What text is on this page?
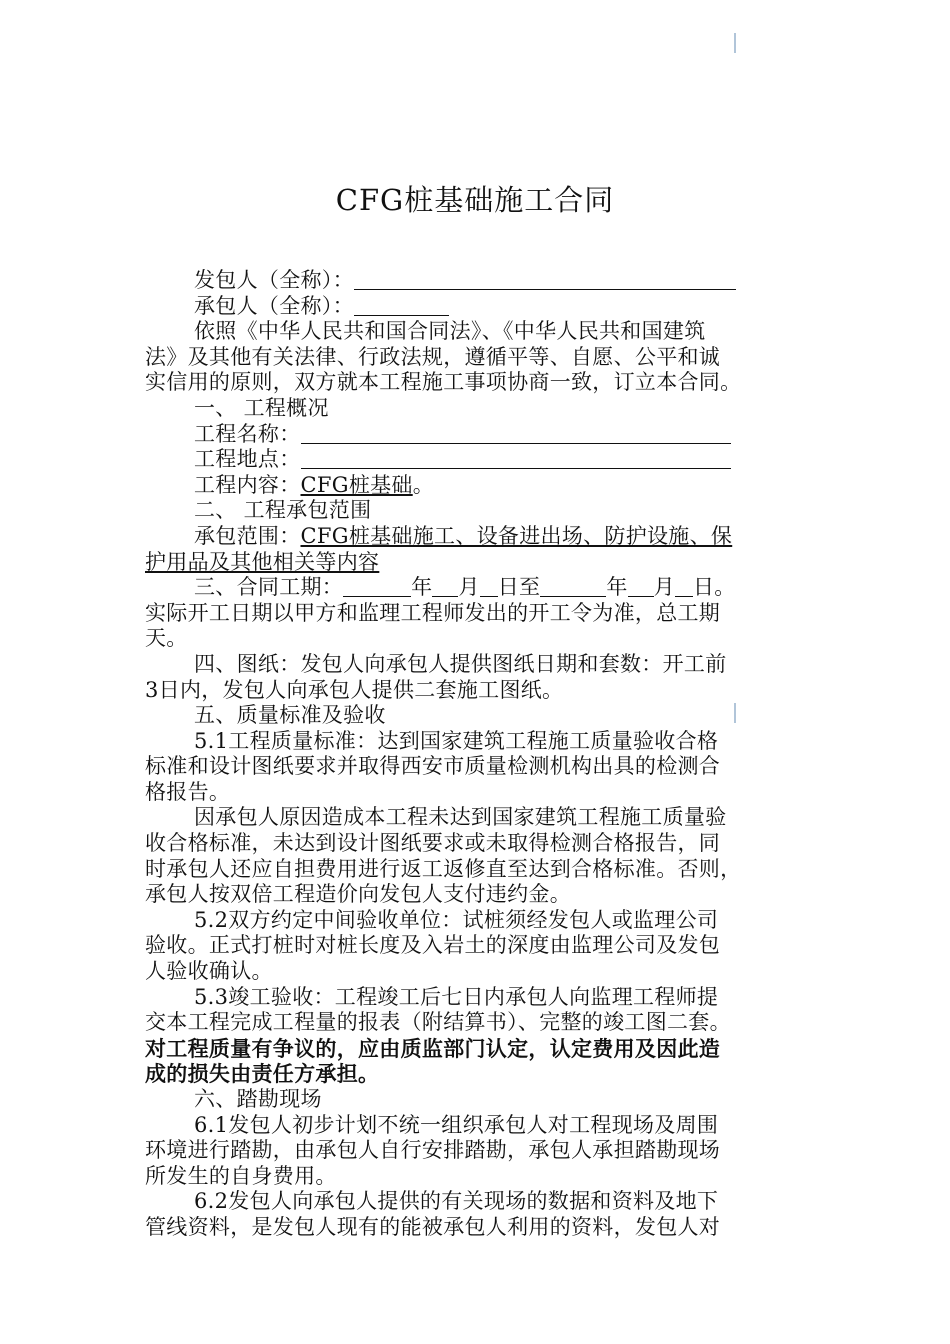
CFG桩基础施工合同

发包人（全称）：

承包人（全称）：

依照《中华人民共和国合同法》、《中华人民共和国建筑

法》及其他有关法律、行政法规，遵循平等、自愿、公平和诚

实信用的原则，双方就本工程施工事项协商一致，订立本合同。

一、 工程概况

工程名称：

工程地点：

工程内容：CFG桩基础。

二、 工程承包范围

承包范围：CFG桩基础施工、设备进出场、防护设施、保

护用品及其他相关等内容

三、合同工期：	年 月 日至	年 月 日。

实际开工日期以甲方和监理工程师发出的开工令为准，总工期

天。

四、图纸：发包人向承包人提供图纸日期和套数：开工前

3日内，发包人向承包人提供二套施工图纸。

五、质量标准及验收

5.1工程质量标准：达到国家建筑工程施工质量验收合格

标准和设计图纸要求并取得西安市质量检测机构出具的检测合

格报告。

因承包人原因造成本工程未达到国家建筑工程施工质量验

收合格标准，未达到设计图纸要求或未取得检测合格报告，同

时承包人还应自担费用进行返工返修直至达到合格标准。否则，

承包人按双倍工程造价向发包人支付违约金。

5.2双方约定中间验收单位：试桩须经发包人或监理公司

验收。正式打桩时对桩长度及入岩土的深度由监理公司及发包

人验收确认。

5.3竣工验收：工程竣工后七日内承包人向监理工程师提

交本工程完成工程量的报表（附结算书）、完整的竣工图二套。

对工程质量有争议的，应由质监部门认定，认定费用及因此造

成的损失由责任方承担。

六、踏勘现场

6.1发包人初步计划不统一组织承包人对工程现场及周围

环境进行踏勘，由承包人自行安排踏勘，承包人承担踏勘现场

所发生的自身费用。

6.2发包人向承包人提供的有关现场的数据和资料及地下

管线资料，是发包人现有的能被承包人利用的资料，发包人对
